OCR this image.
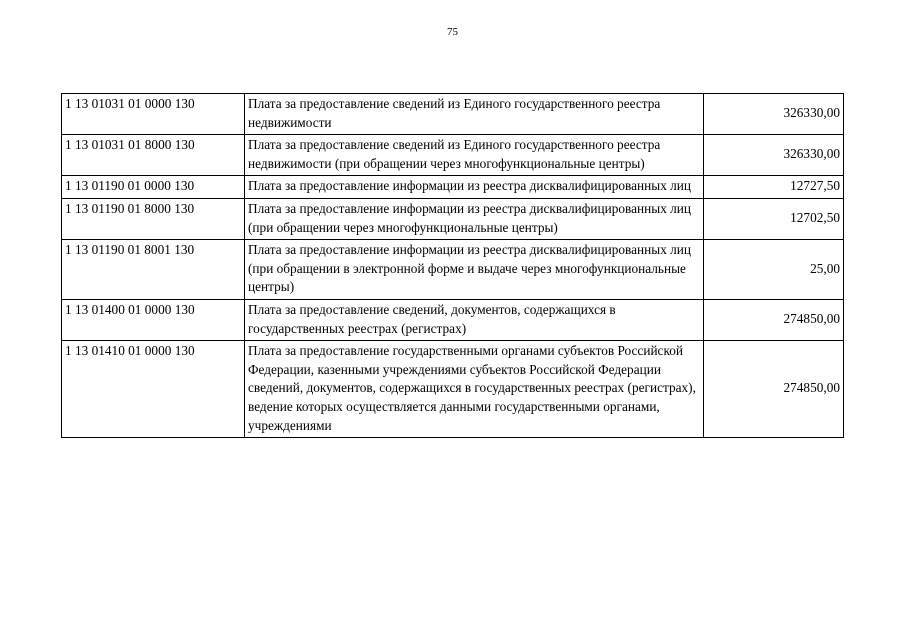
75
1 13 01031 01 0000 130	Плата за предоставление сведений из Единого государственного реестра недвижимости	326330,00
1 13 01031 01 8000 130	Плата за предоставление сведений из Единого государственного реестра недвижимости (при обращении через многофункциональные центры)	326330,00
1 13 01190 01 0000 130	Плата за предоставление информации из реестра дисквалифицированных лиц	12727,50
1 13 01190 01 8000 130	Плата за предоставление информации из реестра дисквалифицированных лиц (при обращении через многофункциональные центры)	12702,50
1 13 01190 01 8001 130	Плата за предоставление информации из реестра дисквалифицированных лиц (при обращении в электронной форме и выдаче через многофункциональные центры)	25,00
1 13 01400 01 0000 130	Плата за предоставление сведений, документов, содержащихся в государственных реестрах (регистрах)	274850,00
1 13 01410 01 0000 130	Плата за предоставление государственными органами субъектов Российской Федерации, казенными учреждениями субъектов Российской Федерации сведений, документов, содержащихся в государственных реестрах (регистрах), ведение которых осуществляется данными государственными органами, учреждениями	274850,00
